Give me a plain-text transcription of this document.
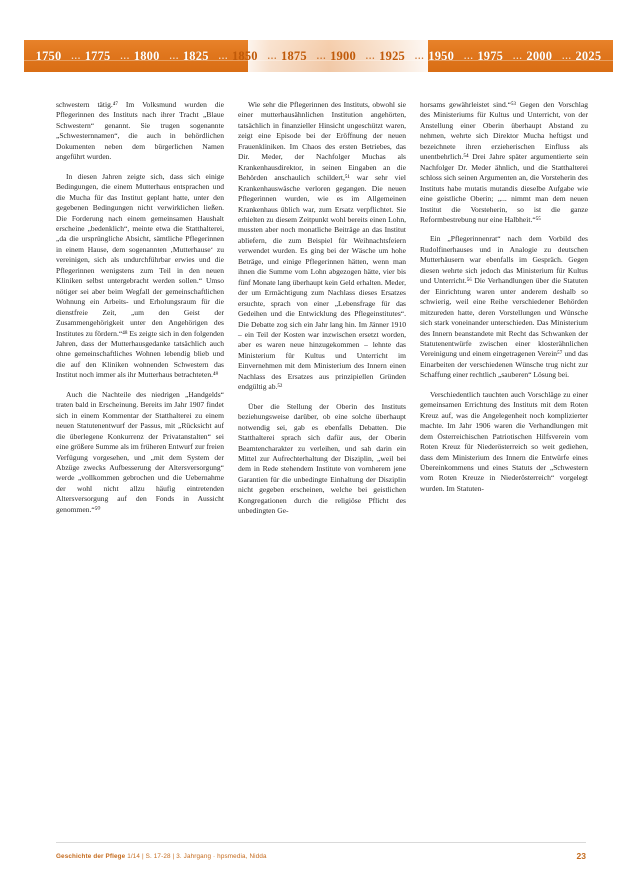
1750 ... 1775 ... 1800 ... 1825 ... 1850 ... 1875 ... 1900 ... 1925 ... 1950 ... 1975 ... 2000 ... 2025

schwestern tätig.⁴⁷ Im Volksmund wurden die Pflegerinnen des Instituts nach ihrer Tracht „Blaue Schwestern“ genannt. Sie trugen sogenannte „Schwesternnamen“, die auch in behördlichen Dokumenten neben dem bürgerlichen Namen angeführt wurden.

In diesen Jahren zeigte sich, dass sich einige Bedingungen, die einem Mutterhaus entsprachen und die Mucha für das Institut geplant hatte, unter den gegebenen Bedingungen nicht verwirklichen ließen. Die Forderung nach einem gemeinsamen Haushalt erscheine „bedenklich“, meinte etwa die Statthalterei, „da die ursprüngliche Absicht, sämtliche Pflegerinnen in einem Hause, dem sogenannten ‚Mutterhause‘ zu vereinigen, sich als undurchführbar erwies und die Pflegerinnen wenigstens zum Teil in den neuen Kliniken selbst untergebracht werden sollen.“ Umso nötiger sei aber beim Wegfall der gemeinschaftlichen Wohnung ein Arbeits- und Erholungsraum für die dienstfreie Zeit, „um den Geist der Zusammengehörigkeit unter den Angehörigen des Institutes zu fördern.“⁴⁸ Es zeigte sich in den folgenden Jahren, dass der Mutterhausgedanke tatsächlich auch ohne gemeinschaftliches Wohnen lebendig blieb und die auf den Kliniken wohnenden Schwestern das Institut noch immer als ihr Mutterhaus betrachteten.⁴⁹

Auch die Nachteile des niedrigen „Handgelds“ traten bald in Erscheinung. Bereits im Jahr 1907 findet sich in einem Kommentar der Statthalterei zu einem neuen Statutenentwurf der Passus, mit „Rücksicht auf die überlegene Konkurrenz der Privatanstalten“ sei eine größere Summe als im früheren Entwurf zur freien Verfügung vorgesehen, und „mit dem System der Abzüge zwecks Aufbesserung der Altersversorgung“ werde „vollkommen gebrochen und die Uebernahme der wohl nicht allzu häufig eintretenden Altersversorgung auf den Fonds in Aussicht genommen.“⁵⁰

Wie sehr die Pflegerinnen des Instituts, obwohl sie einer mutterhausähnlichen Institution angehörten, tatsächlich in finanzieller Hinsicht ungeschützt waren, zeigt eine Episode bei der Eröffnung der neuen Frauenkliniken. Im Chaos des ersten Betriebes, das Dir. Meder, der Nachfolger Muchas als Krankenhausdirektor, in seinen Eingaben an die Behörden anschaulich schildert,⁵¹ war sehr viel Krankenhauswäsche verloren gegangen. Die neuen Pflegerinnen wurden, wie es im Allgemeinen Krankenhaus üblich war, zum Ersatz verpflichtet. Sie erhielten zu diesem Zeitpunkt wohl bereits einen Lohn, mussten aber noch monatliche Beiträge an das Institut abliefern, die zum Beispiel für Weihnachtsfeiern verwendet wurden. Es ging bei der Wäsche um hohe Beträge, und einige Pflegerinnen hätten, wenn man ihnen die Summe vom Lohn abgezogen hätte, vier bis fünf Monate lang überhaupt kein Geld erhalten. Meder, der um Ermächtigung zum Nachlass dieses Ersatzes ersuchte, sprach von einer „Lebensfrage für das Gedeihen und die Entwicklung des Pflegeinstitutes“. Die Debatte zog sich ein Jahr lang hin. Im Jänner 1910 – ein Teil der Kosten war inzwischen ersetzt worden, aber es waren neue hinzugekommen – lehnte das Ministerium für Kultus und Unterricht im Einvernehmen mit dem Ministerium des Innern einen Nachlass des Ersatzes aus prinzipiellen Gründen endgültig ab.⁵²

Über die Stellung der Oberin des Instituts beziehungsweise darüber, ob eine solche überhaupt notwendig sei, gab es ebenfalls Debatten. Die Statthalterei sprach sich dafür aus, der Oberin Beamtencharakter zu verleihen, und sah darin ein Mittel zur Aufrechterhaltung der Disziplin, „weil bei dem in Rede stehendem Institute von vornherem jene Garantien für die unbedingte Einhaltung der Disziplin nicht gegeben erscheinen, welche bei geistlichen Kongregationen durch die religiöse Pflicht des unbedingten Ge-

horsams gewährleistet sind.“⁵³ Gegen den Vorschlag des Ministeriums für Kultus und Unterricht, von der Anstellung einer Oberin überhaupt Abstand zu nehmen, wehrte sich Direktor Mucha heftigst und bezeichnete ihren erzieherischen Einfluss als unentbehrlich.⁵⁴ Drei Jahre später argumentierte sein Nachfolger Dr. Meder ähnlich, und die Statthalterei schloss sich seinen Argumenten an, die Vorsteherin des Instituts habe mutatis mutandis dieselbe Aufgabe wie eine geistliche Oberin; „... nimmt man dem neuen Institut die Vorsteherin, so ist die ganze Reformbestrebung nur eine Halbheit.“⁵⁵

Ein „Pflegerinnenrat“ nach dem Vorbild des Rudolfinerhauses und in Analogie zu deutschen Mutterhäusern war ebenfalls im Gespräch. Gegen diesen wehrte sich jedoch das Ministerium für Kultus und Unterricht.⁵⁶ Die Verhandlungen über die Statuten der Einrichtung waren unter anderem deshalb so schwierig, weil eine Reihe verschiedener Behörden mitzureden hatte, deren Vorstellungen und Wünsche sich stark voneinander unterschieden. Das Ministerium des Innern beanstandete mit Recht das Schwanken der Statutenentwürfe zwischen einer klosterähnlichen Vereinigung und einem eingetragenen Verein⁵⁷ und das Einarbeiten der verschiedenen Wünsche trug nicht zur Schaffung einer rechtlich „sauberen“ Lösung bei.

Verschiedentlich tauchten auch Vorschläge zu einer gemeinsamen Errichtung des Instituts mit dem Roten Kreuz auf, was die Angelegenheit noch komplizierter machte. Im Jahr 1906 waren die Verhandlungen mit dem Österreichischen Patriotischen Hilfsverein vom Roten Kreuz für Niederösterreich so weit gediehen, dass dem Ministerium des Innern die Entwürfe eines Übereinkommens und eines Statuts der „Schwestern vom Roten Kreuze in Niederösterreich“ vorgelegt wurden. Im Statuten-

Geschichte der Pflege 1/14 | S. 17-28 | 3. Jahrgang · hpsmedia, Nidda	23
